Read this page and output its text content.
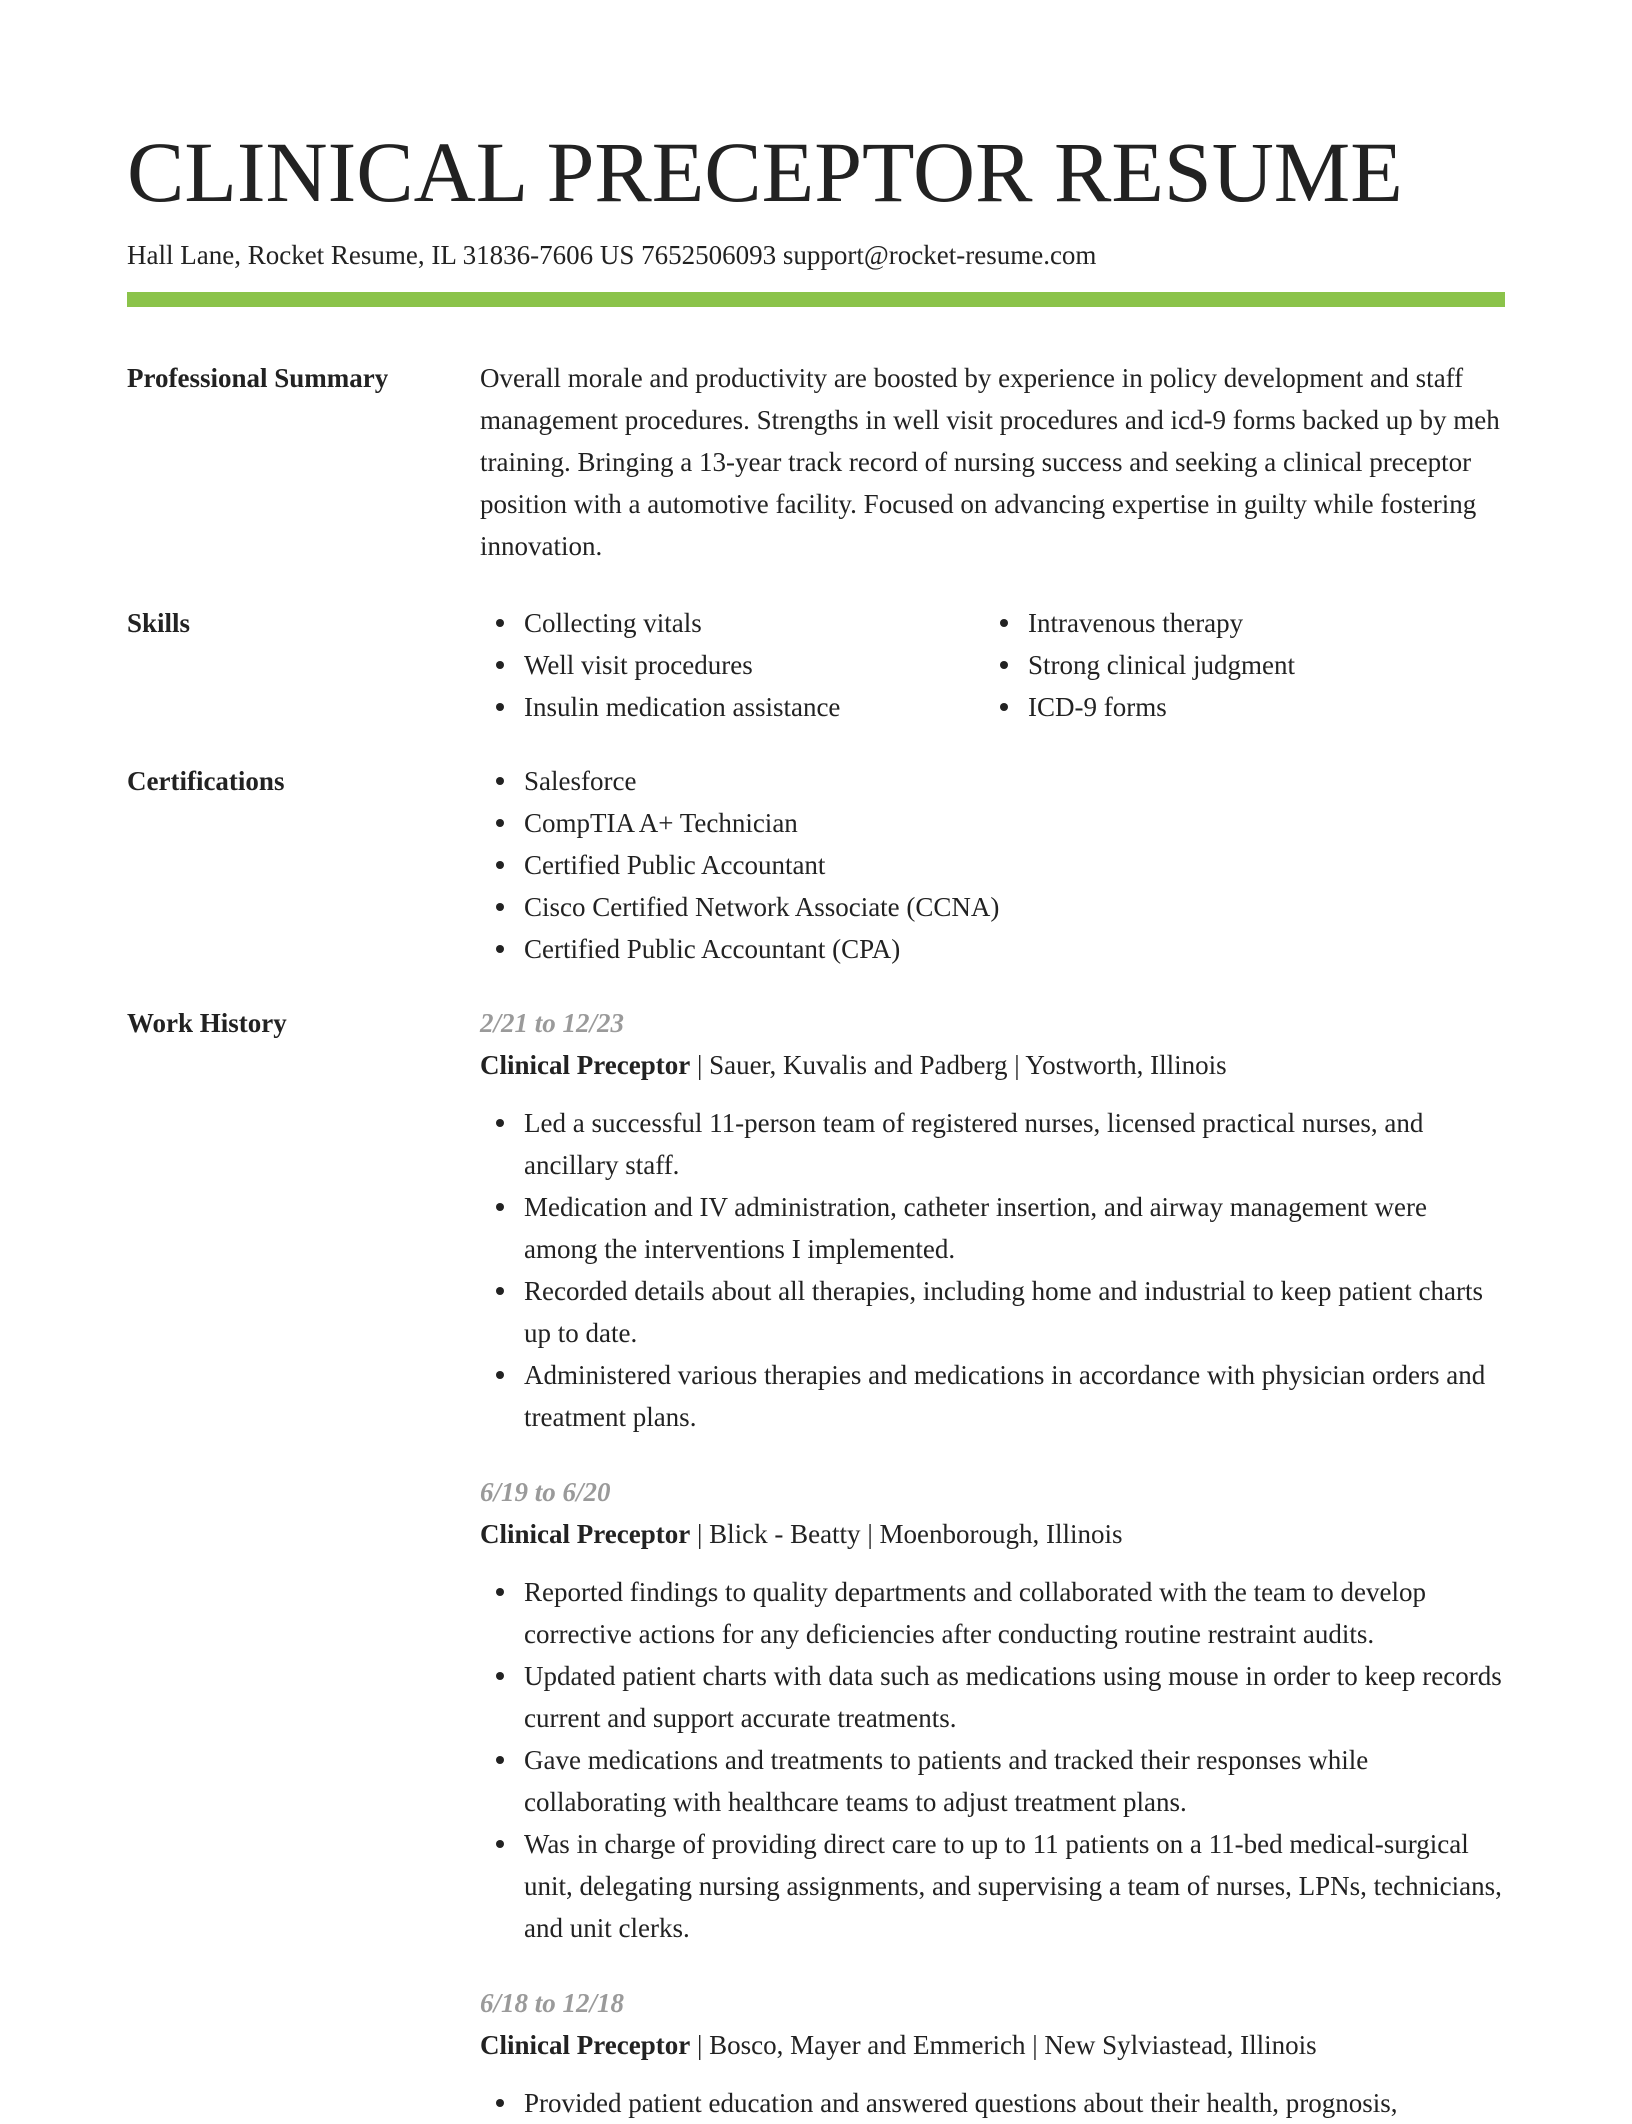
CLINICAL PRECEPTOR RESUME
Hall Lane, Rocket Resume, IL 31836-7606 US 7652506093 support@rocket-resume.com
Professional Summary	Overall morale and productivity are boosted by experience in policy development and staff management procedures. Strengths in well visit procedures and icd-9 forms backed up by meh training. Bringing a 13-year track record of nursing success and seeking a clinical preceptor position with a automotive facility. Focused on advancing expertise in guilty while fostering innovation.

Skills	Collecting vitals
Well visit procedures
Insulin medication assistance
Intravenous therapy
Strong clinical judgment
ICD-9 forms
Certifications	Salesforce
CompTIA A+ Technician
Certified Public Accountant
Cisco Certified Network Associate (CCNA)
Certified Public Accountant (CPA)
Work History	2/21 to 12/23
Clinical Preceptor | Sauer, Kuvalis and Padberg | Yostworth, Illinois
Led a successful 11-person team of registered nurses, licensed practical nurses, and ancillary staff.
Medication and IV administration, catheter insertion, and airway management were among the interventions I implemented.
Recorded details about all therapies, including home and industrial to keep patient charts up to date.
Administered various therapies and medications in accordance with physician orders and treatment plans.
6/19 to 6/20
Clinical Preceptor | Blick - Beatty | Moenborough, Illinois
Reported findings to quality departments and collaborated with the team to develop corrective actions for any deficiencies after conducting routine restraint audits.
Updated patient charts with data such as medications using mouse in order to keep records current and support accurate treatments.
Gave medications and treatments to patients and tracked their responses while collaborating with healthcare teams to adjust treatment plans.
Was in charge of providing direct care to up to 11 patients on a 11-bed medical-surgical unit, delegating nursing assignments, and supervising a team of nurses, LPNs, technicians, and unit clerks.
6/18 to 12/18
Clinical Preceptor | Bosco, Mayer and Emmerich | New Sylviastead, Illinois
Provided patient education and answered questions about their health, prognosis,
